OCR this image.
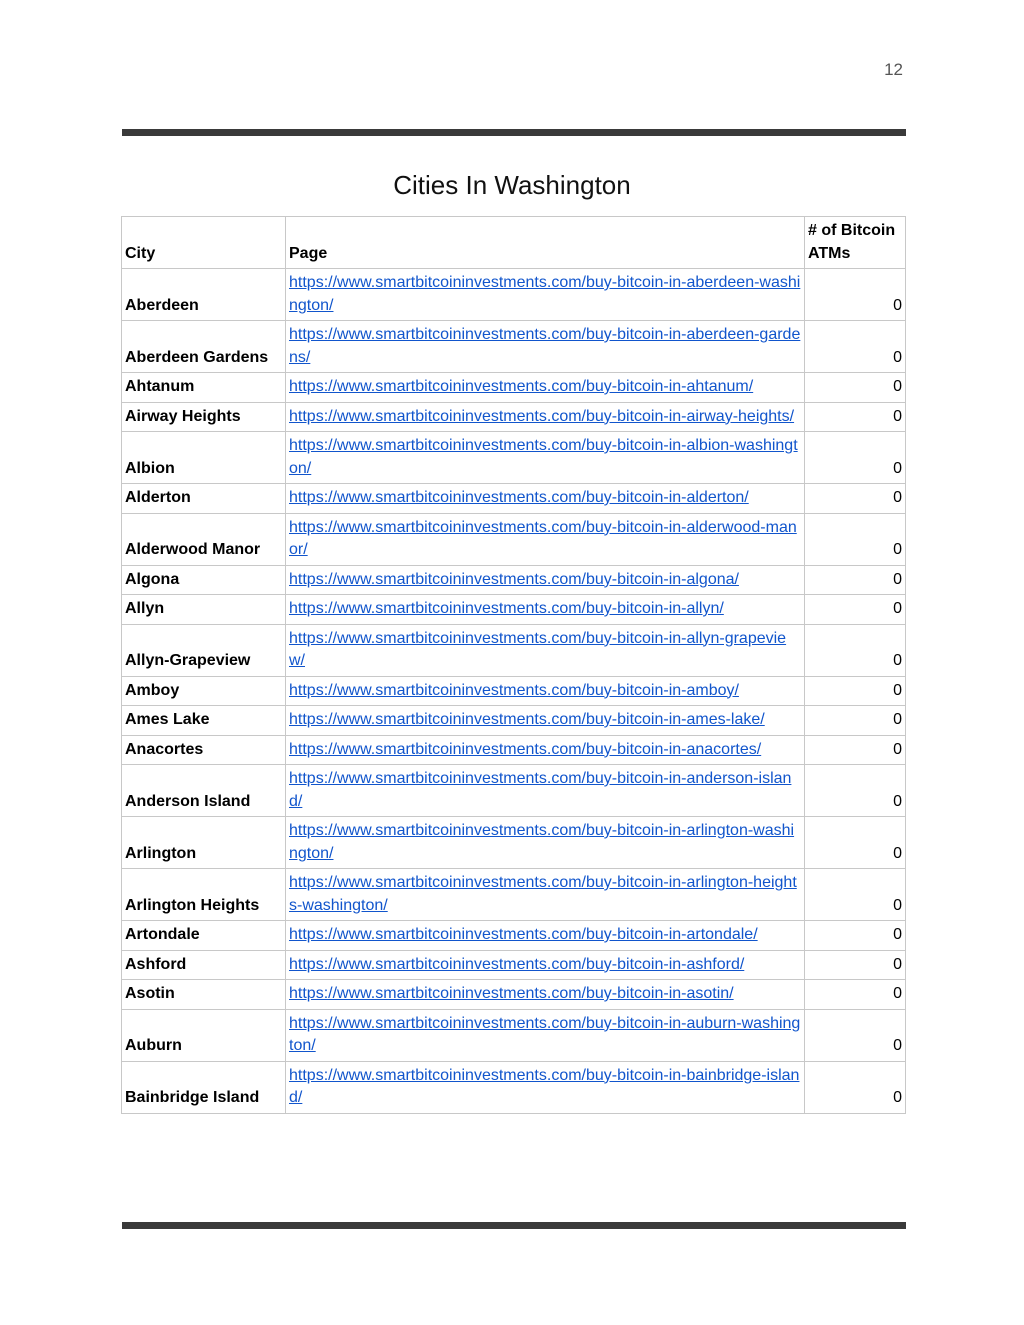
12
Cities In Washington
City	Page	# of Bitcoin ATMs
Aberdeen	https://www.smartbitcoininvestments.com/buy-bitcoin-in-aberdeen-washington/	0
Aberdeen Gardens	https://www.smartbitcoininvestments.com/buy-bitcoin-in-aberdeen-gardens/	0
Ahtanum	https://www.smartbitcoininvestments.com/buy-bitcoin-in-ahtanum/	0
Airway Heights	https://www.smartbitcoininvestments.com/buy-bitcoin-in-airway-heights/	0
Albion	https://www.smartbitcoininvestments.com/buy-bitcoin-in-albion-washington/	0
Alderton	https://www.smartbitcoininvestments.com/buy-bitcoin-in-alderton/	0
Alderwood Manor	https://www.smartbitcoininvestments.com/buy-bitcoin-in-alderwood-manor/	0
Algona	https://www.smartbitcoininvestments.com/buy-bitcoin-in-algona/	0
Allyn	https://www.smartbitcoininvestments.com/buy-bitcoin-in-allyn/	0
Allyn-Grapeview	https://www.smartbitcoininvestments.com/buy-bitcoin-in-allyn-grapeview/	0
Amboy	https://www.smartbitcoininvestments.com/buy-bitcoin-in-amboy/	0
Ames Lake	https://www.smartbitcoininvestments.com/buy-bitcoin-in-ames-lake/	0
Anacortes	https://www.smartbitcoininvestments.com/buy-bitcoin-in-anacortes/	0
Anderson Island	https://www.smartbitcoininvestments.com/buy-bitcoin-in-anderson-island/	0
Arlington	https://www.smartbitcoininvestments.com/buy-bitcoin-in-arlington-washington/	0
Arlington Heights	https://www.smartbitcoininvestments.com/buy-bitcoin-in-arlington-heights-washington/	0
Artondale	https://www.smartbitcoininvestments.com/buy-bitcoin-in-artondale/	0
Ashford	https://www.smartbitcoininvestments.com/buy-bitcoin-in-ashford/	0
Asotin	https://www.smartbitcoininvestments.com/buy-bitcoin-in-asotin/	0
Auburn	https://www.smartbitcoininvestments.com/buy-bitcoin-in-auburn-washington/	0
Bainbridge Island	https://www.smartbitcoininvestments.com/buy-bitcoin-in-bainbridge-island/	0
